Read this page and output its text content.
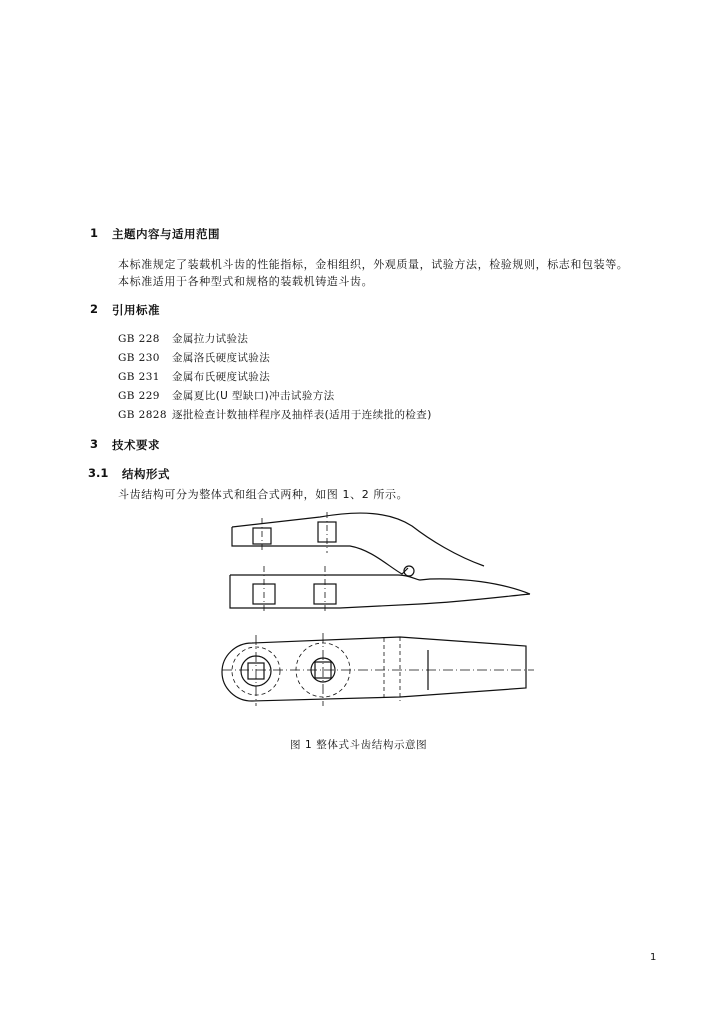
1 主题内容与适用范围
本标准规定了装载机斗齿的性能指标，金相组织，外观质量，试验方法，检验规则，标志和包装等。
本标准适用于各种型式和规格的装载机铸造斗齿。
2 引用标准
GB 228 金属拉力试验法
GB 230 金属洛氏硬度试验法
GB 231 金属布氏硬度试验法
GB 229 金属夏比(U 型缺口)冲击试验方法
GB 2828 逐批检查计数抽样程序及抽样表(适用于连续批的检查)
3 技术要求
3.1 结构形式
斗齿结构可分为整体式和组合式两种，如图 1、2 所示。
图 1 整体式斗齿结构示意图
1
